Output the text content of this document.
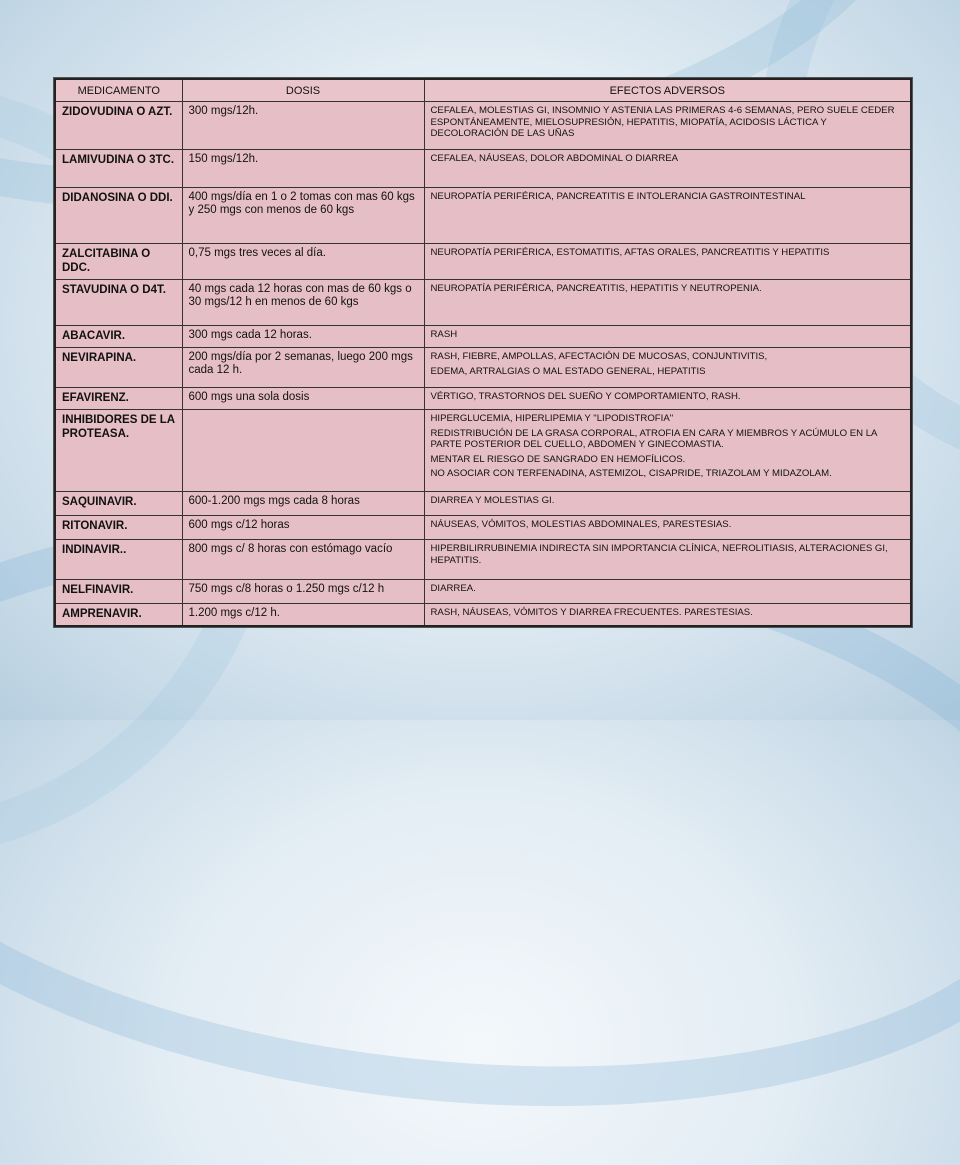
MEDICAMENTO	DOSIS	EFECTOS ADVERSOS
ZIDOVUDINA O AZT.	300 mgs/12h.	CEFALEA, MOLESTIAS GI, INSOMNIO Y ASTENIA LAS PRIMERAS 4-6 SEMANAS, PERO SUELE CEDER ESPONTÁNEAMENTE, MIELOSUPRESIÓN, HEPATITIS, MIOPATÍA, ACIDOSIS LÁCTICA Y DECOLORACIÓN DE LAS UÑAS

LAMIVUDINA O 3TC.	150 mgs/12h.	CEFALEA, NÁUSEAS, DOLOR ABDOMINAL O DIARREA

DIDANOSINA O DDI.	400 mgs/día en 1 o 2 tomas con mas 60 kgs y 250 mgs con menos de 60 kgs	NEUROPATÍA PERIFÉRICA, PANCREATITIS E INTOLERANCIA GASTROINTESTINAL

ZALCITABINA O DDC.	0,75 mgs tres veces al día.	NEUROPATÍA PERIFÉRICA, ESTOMATITIS, AFTAS ORALES, PANCREATITIS Y HEPATITIS

STAVUDINA O D4T.	40 mgs cada 12 horas con mas de 60 kgs o 30 mgs/12 h en menos de 60 kgs	NEUROPATÍA PERIFÉRICA, PANCREATITIS, HEPATITIS Y NEUTROPENIA.

ABACAVIR.	300 mgs cada 12 horas.	RASH

NEVIRAPINA.	200 mgs/día por 2 semanas, luego 200 mgs cada 12 h.	RASH, FIEBRE, AMPOLLAS, AFECTACIÓN DE MUCOSAS, CONJUNTIVITIS,
EDEMA, ARTRALGIAS O MAL ESTADO GENERAL, HEPATITIS

EFAVIRENZ.	600 mgs una sola dosis	VÉRTIGO, TRASTORNOS DEL SUEÑO Y COMPORTAMIENTO, RASH.

INHIBIDORES DE LA PROTEASA.		HIPERGLUCEMIA, HIPERLIPEMIA Y "LIPODISTROFIA"
REDISTRIBUCIÓN DE LA GRASA CORPORAL, ATROFIA EN CARA Y MIEMBROS Y ACÚMULO EN LA PARTE POSTERIOR DEL CUELLO, ABDOMEN Y GINECOMASTIA.
MENTAR EL RIESGO DE SANGRADO EN HEMOFÍLICOS.
NO ASOCIAR CON TERFENADINA, ASTEMIZOL, CISAPRIDE, TRIAZOLAM Y MIDAZOLAM.

SAQUINAVIR.	600-1.200 mgs mgs cada 8 horas	DIARREA Y MOLESTIAS GI.

RITONAVIR.	600 mgs c/12 horas	NÁUSEAS, VÓMITOS, MOLESTIAS ABDOMINALES, PARESTESIAS.

INDINAVIR..	800 mgs c/ 8 horas con estómago vacío	HIPERBILIRRUBINEMIA INDIRECTA SIN IMPORTANCIA CLÍNICA, NEFROLITIASIS, ALTERACIONES GI, HEPATITIS.

NELFINAVIR.	750 mgs c/8 horas o 1.250 mgs c/12 h	DIARREA.

AMPRENAVIR.	1.200 mgs c/12 h.	RASH, NÁUSEAS, VÓMITOS Y DIARREA FRECUENTES. PARESTESIAS.
